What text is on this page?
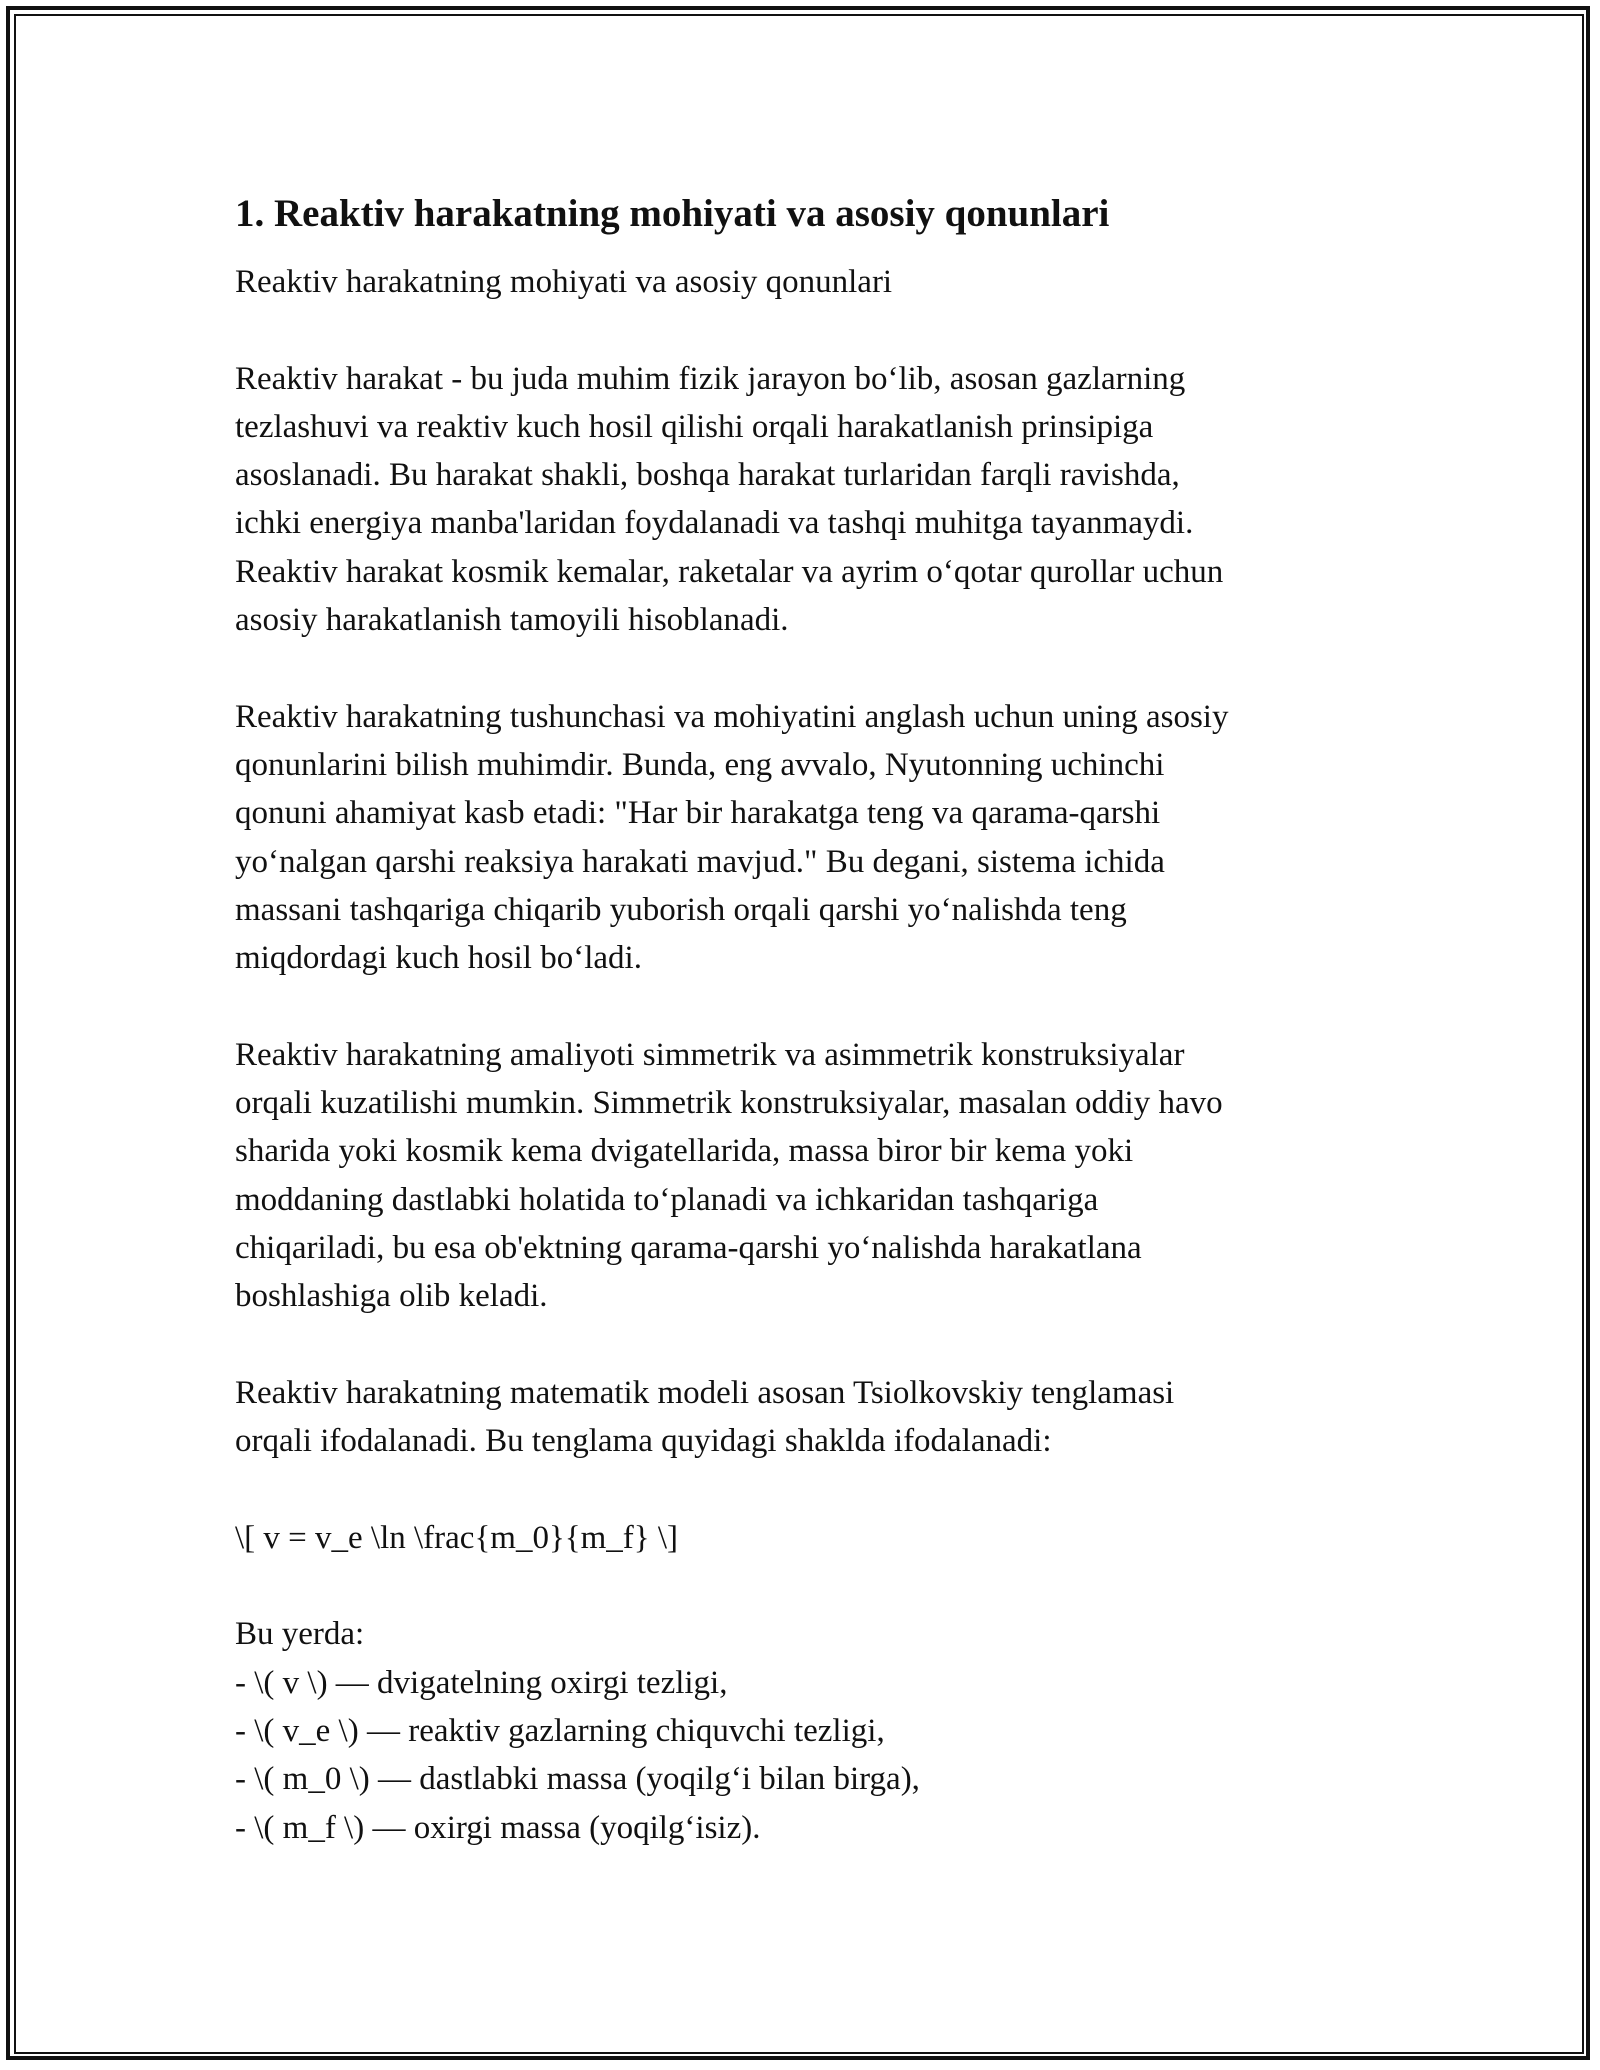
1. Reaktiv harakatning mohiyati va asosiy qonunlari

Reaktiv harakatning mohiyati va asosiy qonunlari

Reaktiv harakat - bu juda muhim fizik jarayon bo‘lib, asosan gazlarning
tezlashuvi va reaktiv kuch hosil qilishi orqali harakatlanish prinsipiga
asoslanadi. Bu harakat shakli, boshqa harakat turlaridan farqli ravishda,
ichki energiya manba'laridan foydalanadi va tashqi muhitga tayanmaydi.
Reaktiv harakat kosmik kemalar, raketalar va ayrim o‘qotar qurollar uchun
asosiy harakatlanish tamoyili hisoblanadi.

Reaktiv harakatning tushunchasi va mohiyatini anglash uchun uning asosiy
qonunlarini bilish muhimdir. Bunda, eng avvalo, Nyutonning uchinchi
qonuni ahamiyat kasb etadi: "Har bir harakatga teng va qarama-qarshi
yo‘nalgan qarshi reaksiya harakati mavjud." Bu degani, sistema ichida
massani tashqariga chiqarib yuborish orqali qarshi yo‘nalishda teng
miqdordagi kuch hosil bo‘ladi.

Reaktiv harakatning amaliyoti simmetrik va asimmetrik konstruksiyalar
orqali kuzatilishi mumkin. Simmetrik konstruksiyalar, masalan oddiy havo
sharida yoki kosmik kema dvigatellarida, massa biror bir kema yoki
moddaning dastlabki holatida to‘planadi va ichkaridan tashqariga
chiqariladi, bu esa ob'ektning qarama-qarshi yo‘nalishda harakatlana
boshlashiga olib keladi.

Reaktiv harakatning matematik modeli asosan Tsiolkovskiy tenglamasi
orqali ifodalanadi. Bu tenglama quyidagi shaklda ifodalanadi:

\[ v = v_e \ln \frac{m_0}{m_f} \]

Bu yerda:
- \( v \) — dvigatelning oxirgi tezligi,
- \( v_e \) — reaktiv gazlarning chiquvchi tezligi,
- \( m_0 \) — dastlabki massa (yoqilg‘i bilan birga),
- \( m_f \) — oxirgi massa (yoqilg‘isiz).
